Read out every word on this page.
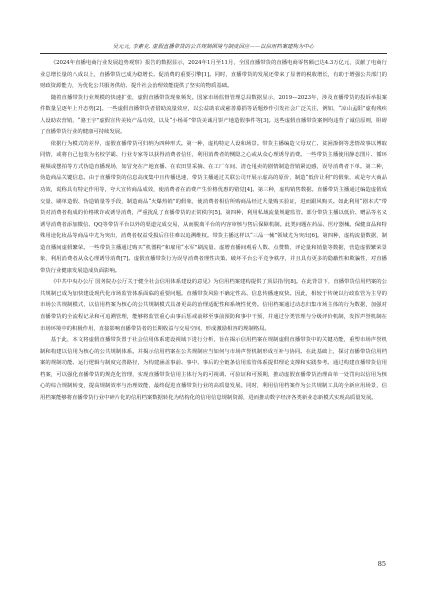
吴元元, 李素克. 虚假直播带货的公共规制困境与制度因应——以信用档案建构为中心

《2024年直播电商行业发展趋势观察》报告的数据显示，2024年1月至11月，全国直播带货的直播电商零售额已达4.3万亿元，贡献了电商行业总增长量的八成以上，直播带货已成为稳增长、促消费的重要引擎[1]。同时，直播带货的发展还带来了显著的税收增长，有助于增强公共部门的财政资源能力，为优化公共服务供给、提升社会治理效能提供了坚实的物质基础。

随着直播带货行业规模的快速扩张，虚假直播带货现象频发。国家市场监督管理总局数据显示，2019—2023年，涉及直播带货的投诉举报案件数量呈逐年上升态势[2]。一些虚假直播带货者借助流量效应，以公益助农或慈善募捐等话题炒作引发社会广泛关注，例如，“凉山孟阳”虚构残疾人设助农营销，“骆王宇”虚假宣传美妆产品功效，以及“小杨哥”带货美诚月饼产地造假事件等[3]。这些虚假直播带货案例均违背了诚信原则，阻碍了直播带货行业的健康可持续发展。

依据行为模式的差异，虚假直播带货可归纳为四种形式。第一种，虚构特定人设和场景。带货主播编造父母双亡、贫困潦倒等悲情故事以博取同情，或将自己包装为名校学霸、行业专家等以获得消费者信任，利用消费者的恻隐之心或从众心理诱导消费。一些带货主播使用静态图片、循环视频或摆拍等方式伪造直播现场，如冒充在产地直播、在农田里采摘、在工厂车间、清仓甩卖的剧情制造营销紧迫感，误导消费者下单。第二种，伪造商品关键信息。由于直播带货的信息高度集中且传播迅速，带货主播通过关联公司开展示虚高的原价，制造“低价让利”的假象，或是夸大商品功效，谎称具有特定作用等，夸大宣传商品成效，使消费者在消费产生价格优惠的错觉[4]。第三种，虚构销售数据。直播带货主播通过编造虚假成交量、刷单造假、伪造销量等手段，制造商品“火爆热销”的假象，使消费者相信所购商品经过大量购买验证，进而跟风购买。如此利用“剧本式”带货对消费者构成的价格欺诈或诱导消费，严重扰乱了直播带货的正常秩序[5]。第四种，利用私域流量规避监管。部分带货主播以低价、赠品等名义诱导消费者添加微信、QQ等带货平台以外的渠道完成交易，从而脱离平台的内容审核与售后保障机制。此类问题在药品、医疗器械、保健食品和特殊用途化妆品等商品中尤为突出，消费者权益受损后往往难以追溯维权。带货主播这样以“三品一械”领域尤为突出[6]。第四种，虚构流量数据，制造直播间虚假繁荣。一些带货主播通过购买“机器粉”和雇用“水军”刷流量、虚增直播间观看人数、点赞数，评论量和销量等数据，营造虚假繁荣景象，利用消费者从众心理诱导消费[7]。虚假直播带货行为误导消费者理性决策、破坏平台公平竞争秩序，并且具有更多的隐蔽性和欺骗性，对直播带货行业健康发展造成负面影响。

《中共中央办公厅 国务院办公厅关于健全社会信用体系建设的意见》为信用档案建构提供了顶层指导[8]。在此背景下，直播带货信用档案的公共规制已成为加快建设现代化市场监管体系面临的重要问题。直播带货风险不确定性高、信息传播速度快。因此，相较于传统以行政监管为主导的市场公共规制模式，以信用档案为核心的公共规制模式具备更高的治理适配性和系统性优势。信用档案通过动态归集市场主体的行为数据，加强对直播带货的全流程记录和可追溯管理，能够将监管重心由事后惩戒前移至事前预防和事中干预，并通过分类管理与分级评价机制，发挥声誉机制在市场环境中的积极作用，直接影响直播带货者的长期收益与交易空间，形成激励相容的规制格局。

基于此，本文将虚假直播带货置于社会信用体系建设视域下进行分析，旨在揭示信用档案在规制虚假直播带货中的关键功能，重塑市场声誉机制和构建以信用为核心的公共规制体系。并揭示信用档案在公共规制应当如何与市场声誉机制形成互补与协同。在此基础上，探讨直播带货信用档案的规制功能、运行逻辑与制度完善路径，为构建涵盖事前、事中、事后的全链条信用监管体系提供理论支撑和实践参考。通过构建直播带货信用档案，可以强化直播带货的规范化管理，实现直播带货信用主体行为的可视调、可验证和可预期，推动虚假直播带货治理由单一处罚向以信用为核心的综合规制转变，提高规制效率与治理效能，最终促进直播带货行业的高质量发展。同时，利用信用档案作为公共规制工具的全新应用场景，信用档案能够将直播带货行业中碎片化的信用档案数据转化为结构化的信用信息规制资源，进而推动数字经济各类新业态新模式实现高质量发展。

85
